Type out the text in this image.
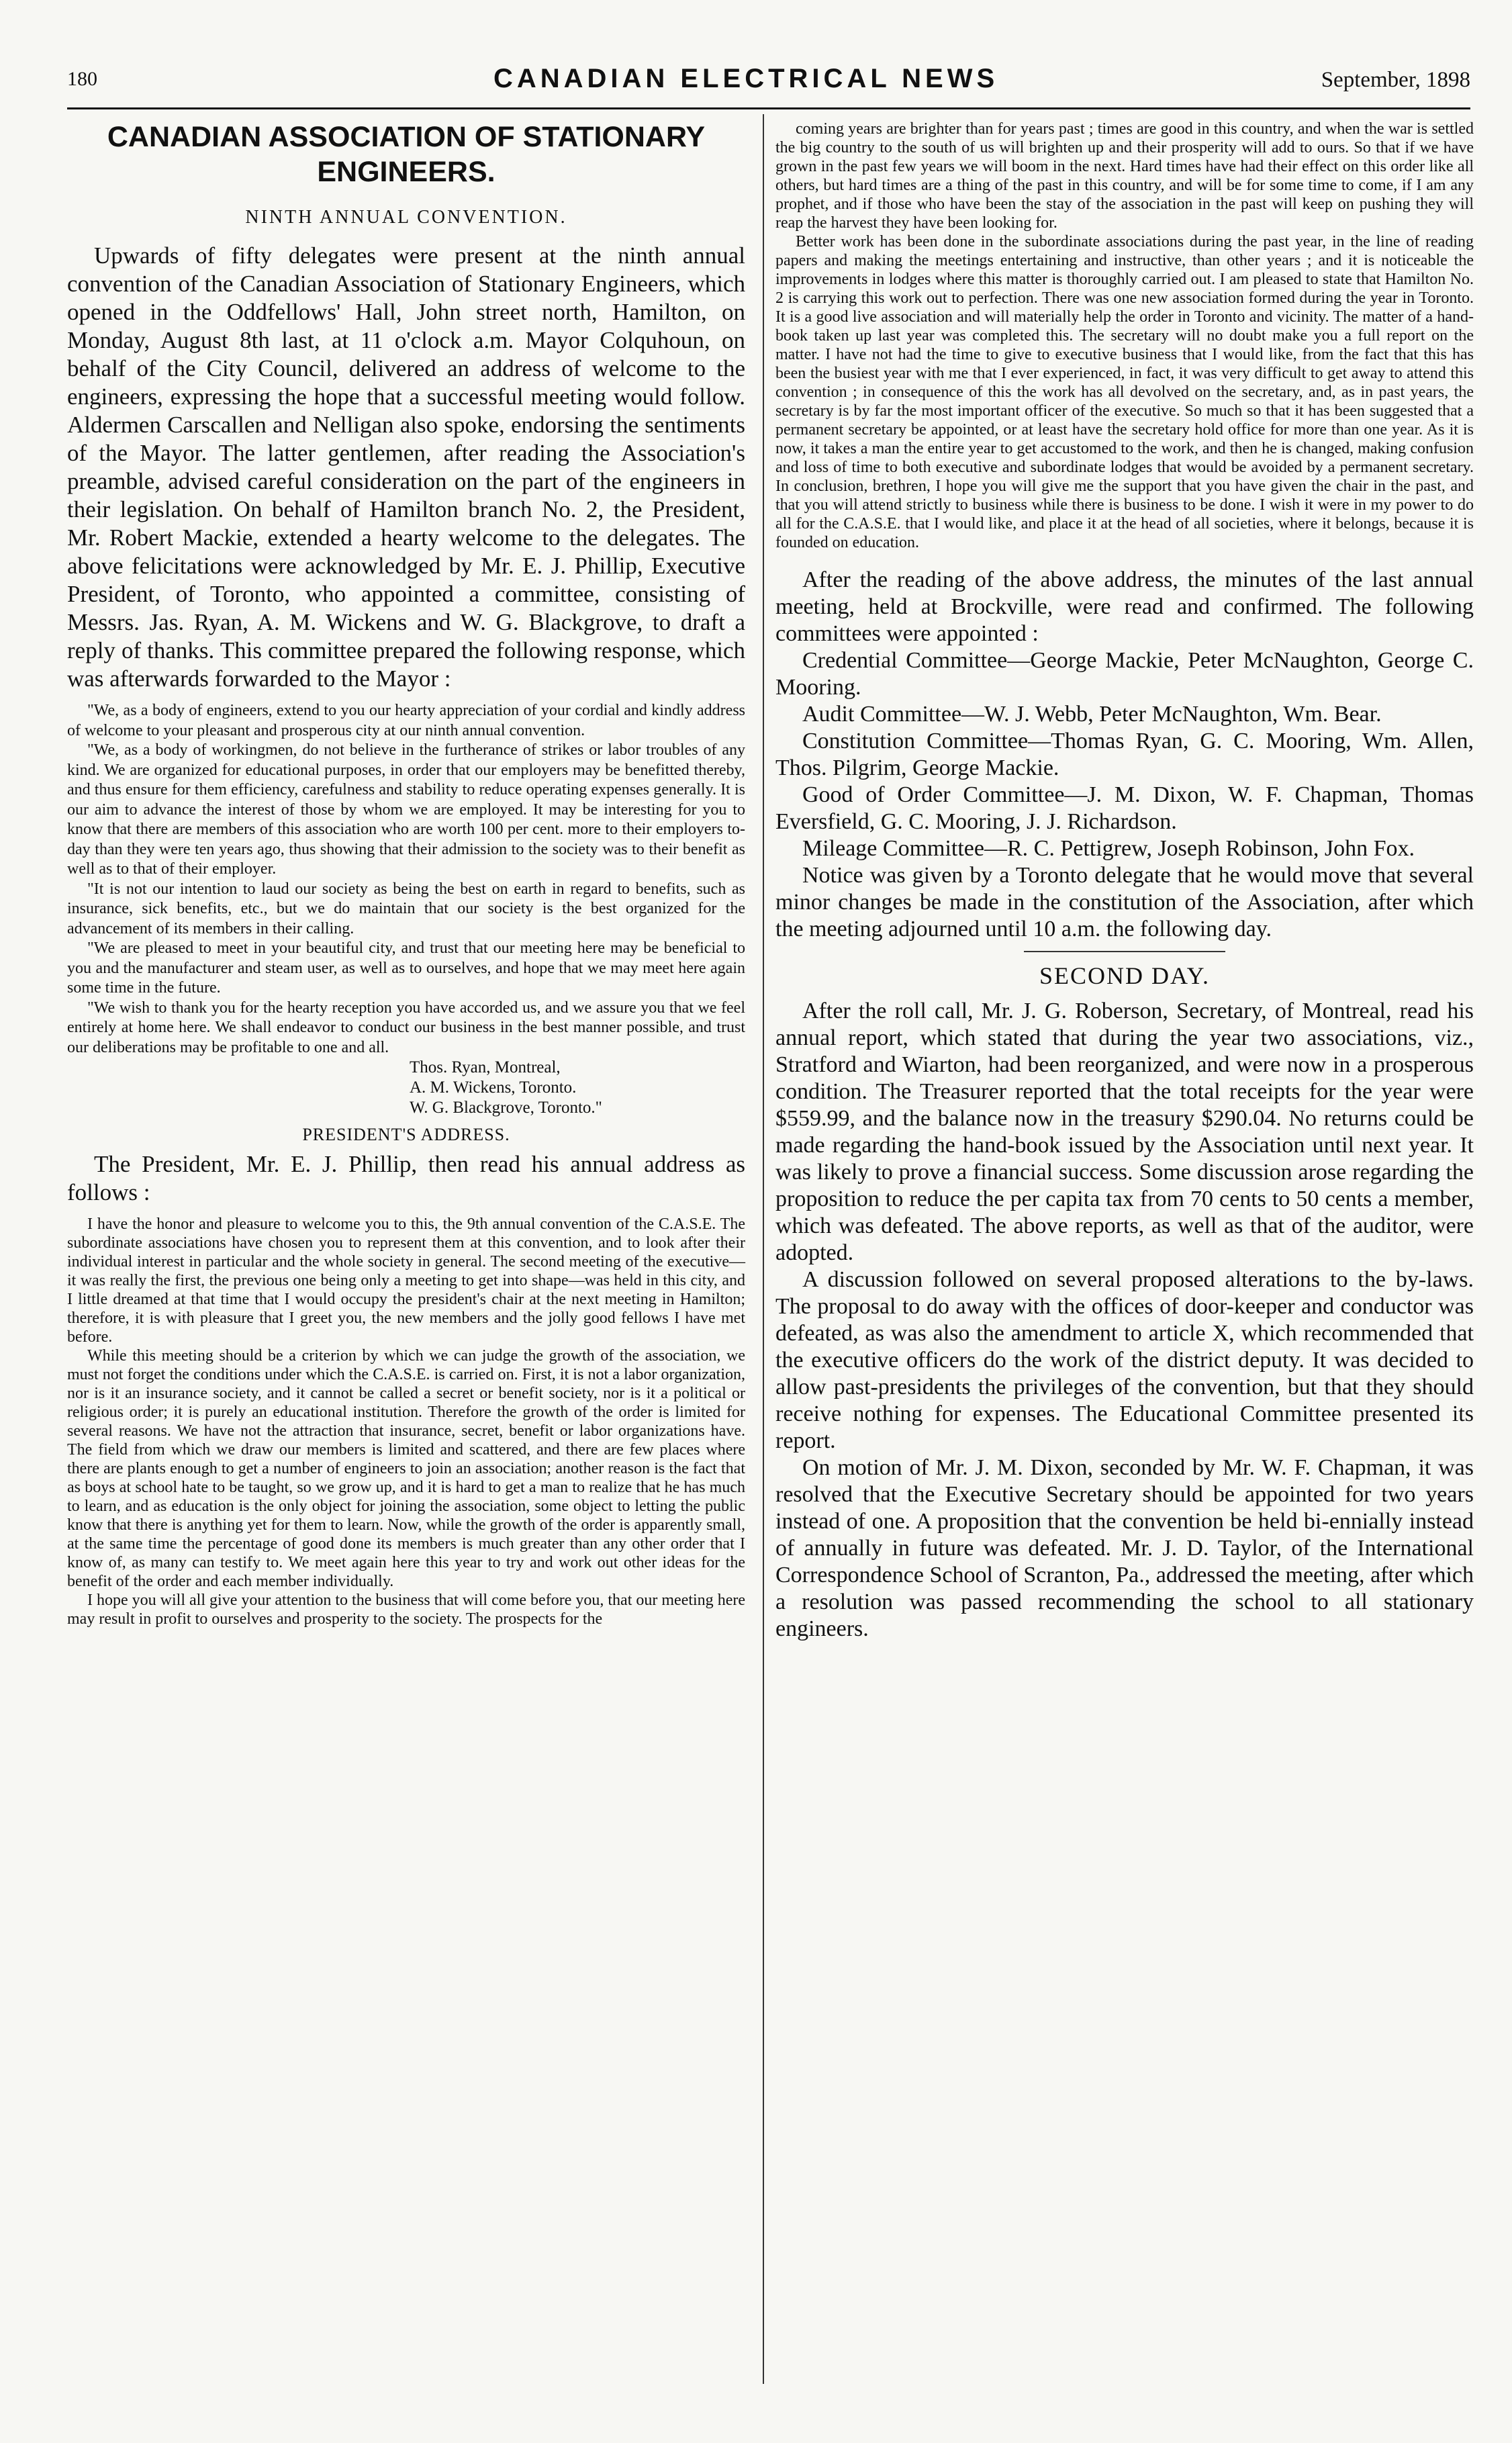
180	CANADIAN ELECTRICAL NEWS	September, 1898
CANADIAN ASSOCIATION OF STATIONARY ENGINEERS.
NINTH ANNUAL CONVENTION.

Upwards of fifty delegates were present at the ninth annual convention of the Canadian Association of Stationary Engineers, which opened in the Oddfellows' Hall, John street north, Hamilton, on Monday, August 8th last, at 11 o'clock a.m. Mayor Colquhoun, on behalf of the City Council, delivered an address of welcome to the engineers, expressing the hope that a successful meeting would follow. Aldermen Carscallen and Nelligan also spoke, endorsing the sentiments of the Mayor. The latter gentlemen, after reading the Association's preamble, advised careful consideration on the part of the engineers in their legislation. On behalf of Hamilton branch No. 2, the President, Mr. Robert Mackie, extended a hearty welcome to the delegates. The above felicitations were acknowledged by Mr. E. J. Phillip, Executive President, of Toronto, who appointed a committee, consisting of Messrs. Jas. Ryan, A. M. Wickens and W. G. Blackgrove, to draft a reply of thanks. This committee prepared the following response, which was afterwards forwarded to the Mayor :

"We, as a body of engineers, extend to you our hearty appreciation of your cordial and kindly address of welcome to your pleasant and prosperous city at our ninth annual convention.

"We, as a body of workingmen, do not believe in the furtherance of strikes or labor troubles of any kind. We are organized for educational purposes, in order that our employers may be benefitted thereby, and thus ensure for them efficiency, carefulness and stability to reduce operating expenses generally. It is our aim to advance the interest of those by whom we are employed. It may be interesting for you to know that there are members of this association who are worth 100 per cent. more to their employers to-day than they were ten years ago, thus showing that their admission to the society was to their benefit as well as to that of their employer.

"It is not our intention to laud our society as being the best on earth in regard to benefits, such as insurance, sick benefits, etc., but we do maintain that our society is the best organized for the advancement of its members in their calling.

"We are pleased to meet in your beautiful city, and trust that our meeting here may be beneficial to you and the manufacturer and steam user, as well as to ourselves, and hope that we may meet here again some time in the future.

"We wish to thank you for the hearty reception you have accorded us, and we assure you that we feel entirely at home here. We shall endeavor to conduct our business in the best manner possible, and trust our deliberations may be profitable to one and all.

Thos. Ryan, Montreal,
A. M. Wickens, Toronto.
W. G. Blackgrove, Toronto."
PRESIDENT'S ADDRESS.

The President, Mr. E. J. Phillip, then read his annual address as follows :

I have the honor and pleasure to welcome you to this, the 9th annual convention of the C.A.S.E. The subordinate associations have chosen you to represent them at this convention, and to look after their individual interest in particular and the whole society in general. The second meeting of the executive—it was really the first, the previous one being only a meeting to get into shape—was held in this city, and I little dreamed at that time that I would occupy the president's chair at the next meeting in Hamilton; therefore, it is with pleasure that I greet you, the new members and the jolly good fellows I have met before.

While this meeting should be a criterion by which we can judge the growth of the association, we must not forget the conditions under which the C.A.S.E. is carried on. First, it is not a labor organization, nor is it an insurance society, and it cannot be called a secret or benefit society, nor is it a political or religious order; it is purely an educational institution. Therefore the growth of the order is limited for several reasons. We have not the attraction that insurance, secret, benefit or labor organizations have. The field from which we draw our members is limited and scattered, and there are few places where there are plants enough to get a number of engineers to join an association; another reason is the fact that as boys at school hate to be taught, so we grow up, and it is hard to get a man to realize that he has much to learn, and as education is the only object for joining the association, some object to letting the public know that there is anything yet for them to learn. Now, while the growth of the order is apparently small, at the same time the percentage of good done its members is much greater than any other order that I know of, as many can testify to. We meet again here this year to try and work out other ideas for the benefit of the order and each member individually.

I hope you will all give your attention to the business that will come before you, that our meeting here may result in profit to ourselves and prosperity to the society. The prospects for the

coming years are brighter than for years past ; times are good in this country, and when the war is settled the big country to the south of us will brighten up and their prosperity will add to ours. So that if we have grown in the past few years we will boom in the next. Hard times have had their effect on this order like all others, but hard times are a thing of the past in this country, and will be for some time to come, if I am any prophet, and if those who have been the stay of the association in the past will keep on pushing they will reap the harvest they have been looking for.

Better work has been done in the subordinate associations during the past year, in the line of reading papers and making the meetings entertaining and instructive, than other years ; and it is noticeable the improvements in lodges where this matter is thoroughly carried out. I am pleased to state that Hamilton No. 2 is carrying this work out to perfection. There was one new association formed during the year in Toronto. It is a good live association and will materially help the order in Toronto and vicinity. The matter of a hand-book taken up last year was completed this. The secretary will no doubt make you a full report on the matter. I have not had the time to give to executive business that I would like, from the fact that this has been the busiest year with me that I ever experienced, in fact, it was very difficult to get away to attend this convention ; in consequence of this the work has all devolved on the secretary, and, as in past years, the secretary is by far the most important officer of the executive. So much so that it has been suggested that a permanent secretary be appointed, or at least have the secretary hold office for more than one year. As it is now, it takes a man the entire year to get accustomed to the work, and then he is changed, making confusion and loss of time to both executive and subordinate lodges that would be avoided by a permanent secretary. In conclusion, brethren, I hope you will give me the support that you have given the chair in the past, and that you will attend strictly to business while there is business to be done. I wish it were in my power to do all for the C.A.S.E. that I would like, and place it at the head of all societies, where it belongs, because it is founded on education.

After the reading of the above address, the minutes of the last annual meeting, held at Brockville, were read and confirmed. The following committees were appointed :

Credential Committee—George Mackie, Peter McNaughton, George C. Mooring.

Audit Committee—W. J. Webb, Peter McNaughton, Wm. Bear.

Constitution Committee—Thomas Ryan, G. C. Mooring, Wm. Allen, Thos. Pilgrim, George Mackie.

Good of Order Committee—J. M. Dixon, W. F. Chapman, Thomas Eversfield, G. C. Mooring, J. J. Richardson.

Mileage Committee—R. C. Pettigrew, Joseph Robinson, John Fox.

Notice was given by a Toronto delegate that he would move that several minor changes be made in the constitution of the Association, after which the meeting adjourned until 10 a.m. the following day.

SECOND DAY.

After the roll call, Mr. J. G. Roberson, Secretary, of Montreal, read his annual report, which stated that during the year two associations, viz., Stratford and Wiarton, had been reorganized, and were now in a prosperous condition. The Treasurer reported that the total receipts for the year were $559.99, and the balance now in the treasury $290.04. No returns could be made regarding the hand-book issued by the Association until next year. It was likely to prove a financial success. Some discussion arose regarding the proposition to reduce the per capita tax from 70 cents to 50 cents a member, which was defeated. The above reports, as well as that of the auditor, were adopted.

A discussion followed on several proposed alterations to the by-laws. The proposal to do away with the offices of door-keeper and conductor was defeated, as was also the amendment to article X, which recommended that the executive officers do the work of the district deputy. It was decided to allow past-presidents the privileges of the convention, but that they should receive nothing for expenses. The Educational Committee presented its report.

On motion of Mr. J. M. Dixon, seconded by Mr. W. F. Chapman, it was resolved that the Executive Secretary should be appointed for two years instead of one. A proposition that the convention be held bi-ennially instead of annually in future was defeated. Mr. J. D. Taylor, of the International Correspondence School of Scranton, Pa., addressed the meeting, after which a resolution was passed recommending the school to all stationary engineers.
